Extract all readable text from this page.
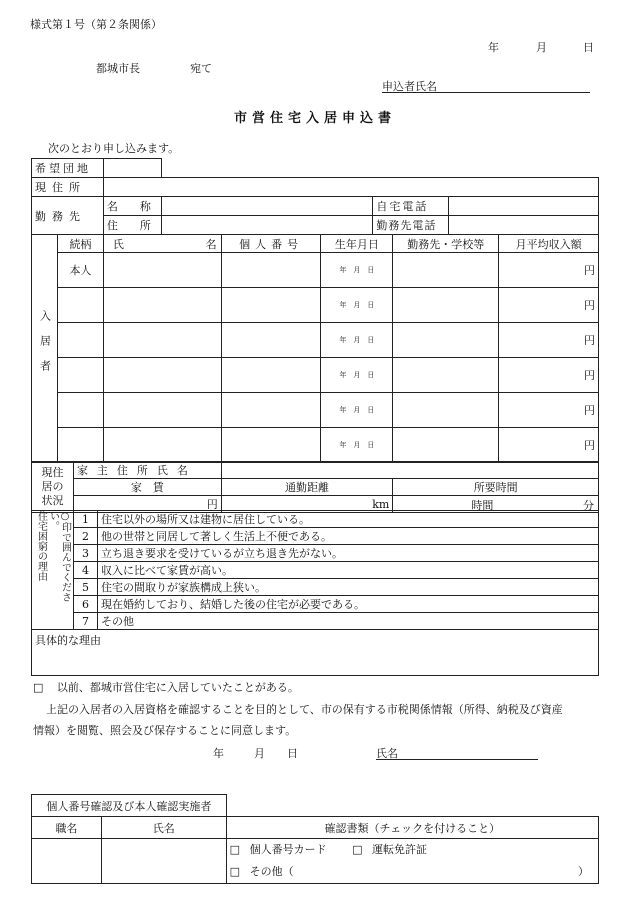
様式第１号（第２条関係）
年	月	日
都城市長	宛て
申込者氏名
市営住宅入居申込書
次のとおり申し込みます。
希望団地				
現住所				
勤務先	名　　称		自宅電話	
	住　　所		勤務先電話	
入居者	続柄	氏 名	個人番号	生年月日	勤務先・学校等	月平均収入額
	本人			年　 月　 日		円
				年　 月　 日		円
				年　 月　 日		円
				年　 月　 日		円
				年　 月　 日		円
				年　 月　 日		円
現住
居の
状況	家主住所氏名		
	家　賃	通勤距離	所要時間
	円	km	時間 分
○印で囲んでください。
住宅困窮の理由	1	住宅以外の場所又は建物に居住している。
	2	他の世帯と同居して著しく生活上不便である。
	3	立ち退き要求を受けているが立ち退き先がない。
	4	収入に比べて家賃が高い。
	5	住宅の間取りが家族構成上狭い。
	6	現在婚約しており、結婚した後の住宅が必要である。
	7	その他
具体的な理由		
□ 以前、都城市営住宅に入居していたことがある。
上記の入居者の入居資格を確認することを目的として、市の保有する市税関係情報（所得、納税及び資産
情報）を閲覧、照会及び保存することに同意します。
年	月 日	氏名
個人番号確認及び本人確認実施者		
職名	氏名	確認書類（チェックを付けること）

		□ 個人番号カード □ 運転免許証
□ その他（ ）
